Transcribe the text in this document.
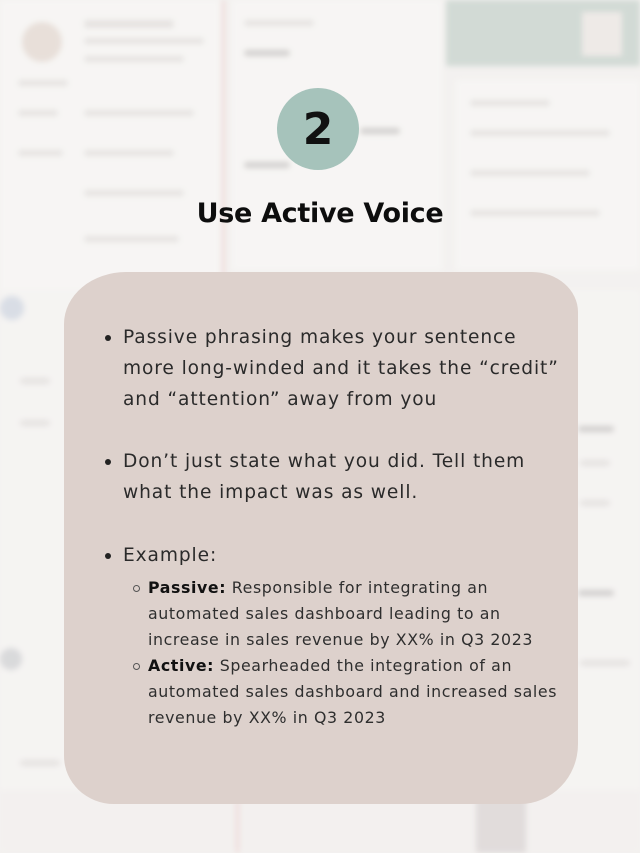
2
Use Active Voice
Passive phrasing makes your sentence more long-winded and it takes the “credit” and “attention” away from you
Don’t just state what you did. Tell them what the impact was as well.
Example:
Passive: Responsible for integrating an automated sales dashboard leading to an increase in sales revenue by XX% in Q3 2023
Active: Spearheaded the integration of an automated sales dashboard and increased sales revenue by XX% in Q3 2023
